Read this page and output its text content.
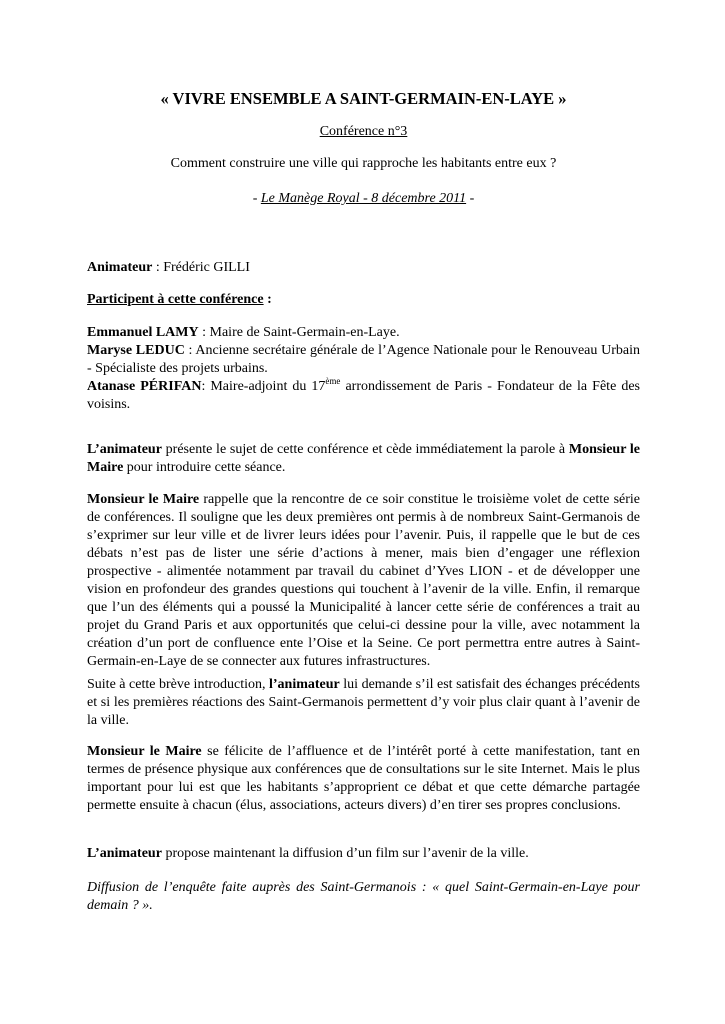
« VIVRE ENSEMBLE A SAINT-GERMAIN-EN-LAYE »
Conférence n°3
Comment construire une ville qui rapproche les habitants entre eux ?
- Le Manège Royal - 8 décembre 2011 -
Animateur : Frédéric GILLI
Participent à cette conférence :

Emmanuel LAMY : Maire de Saint-Germain-en-Laye.

Maryse LEDUC : Ancienne secrétaire générale de l’Agence Nationale pour le Renouveau Urbain - Spécialiste des projets urbains.

Atanase PÉRIFAN: Maire-adjoint du 17ème arrondissement de Paris - Fondateur de la Fête des voisins.

L’animateur présente le sujet de cette conférence et cède immédiatement la parole à Monsieur le Maire pour introduire cette séance.
Monsieur le Maire rappelle que la rencontre de ce soir constitue le troisième volet de cette série de conférences. Il souligne que les deux premières ont permis à de nombreux Saint-Germanois de s’exprimer sur leur ville et de livrer leurs idées pour l’avenir. Puis, il rappelle que le but de ces débats n’est pas de lister une série d’actions à mener, mais bien d’engager une réflexion prospective - alimentée notamment par travail du cabinet d’Yves LION - et de développer une vision en profondeur des grandes questions qui touchent à l’avenir de la ville. Enfin, il remarque que l’un des éléments qui a poussé la Municipalité à lancer cette série de conférences a trait au projet du Grand Paris et aux opportunités que celui-ci dessine pour la ville, avec notamment la création d’un port de confluence ente l’Oise et la Seine. Ce port permettra entre autres à Saint-Germain-en-Laye de se connecter aux futures infrastructures.
Suite à cette brève introduction, l’animateur lui demande s’il est satisfait des échanges précédents et si les premières réactions des Saint-Germanois permettent d’y voir plus clair quant à l’avenir de la ville.
Monsieur le Maire se félicite de l’affluence et de l’intérêt porté à cette manifestation, tant en termes de présence physique aux conférences que de consultations sur le site Internet. Mais le plus important pour lui est que les habitants s’approprient ce débat et que cette démarche partagée permette ensuite à chacun (élus, associations, acteurs divers) d’en tirer ses propres conclusions.
L’animateur propose maintenant la diffusion d’un film sur l’avenir de la ville.
Diffusion de l’enquête faite auprès des Saint-Germanois : « quel Saint-Germain-en-Laye pour demain ? ».
